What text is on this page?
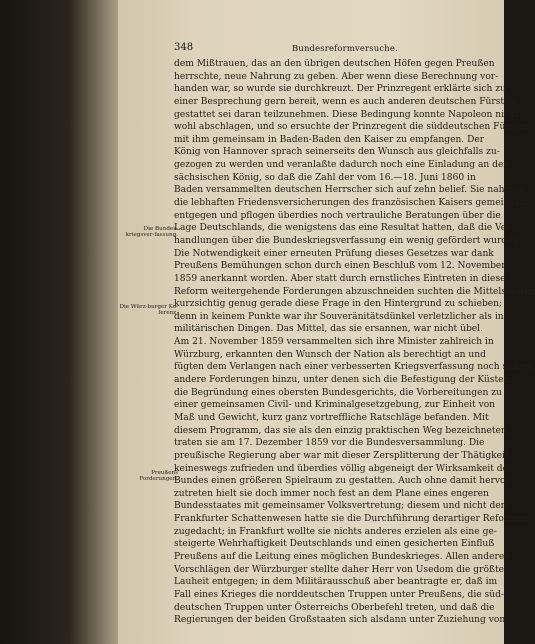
348	Bundesreformversuche.
Die Bundes-kriegsver-fassung.
Die Würz-burger Ko-ferenz.
Preußens Forderungen.
dem Mißtrauen, das an den übrigen deutschen Höfen gegen Preußen
herrschte, neue Nahrung zu geben. Aber wenn diese Berechnung vor-
handen war, so wurde sie durchkreuzt. Der Prinzregent erklärte sich zu
einer Besprechung gern bereit, wenn es auch anderen deutschen Fürsten
gestattet sei daran teilzunehmen. Diese Bedingung konnte Napoleon nicht
wohl abschlagen, und so ersuchte der Prinzregent die süddeutschen Fürsten
mit ihm gemeinsam in Baden-Baden den Kaiser zu empfangen. Der
König von Hannover sprach seinerseits den Wunsch aus gleichfalls zu-
gezogen zu werden und veranlaßte dadurch noch eine Einladung an den
sächsischen König, so daß die Zahl der vom 16.—18. Juni 1860 in
Baden versammelten deutschen Herrscher sich auf zehn belief. Sie nahmen
die lebhaften Friedensversicherungen des französischen Kaisers gemeinsam
entgegen und pflogen überdies noch vertrauliche Beratungen über die
Lage Deutschlands, die wenigstens das eine Resultat hatten, daß die Ver-
handlungen über die Bundeskriegsverfassung ein wenig gefördert wurden.
Die Notwendigkeit einer erneuten Prüfung dieses Gesetzes war dank
Preußens Bemühungen schon durch einen Beschluß vom 12. November
1859 anerkannt worden. Aber statt durch ernstliches Eintreten in diese
Reform weitergehende Forderungen abzuschneiden suchten die Mittelstaaten
kurzsichtig genug gerade diese Frage in den Hintergrund zu schieben;
denn in keinem Punkte war ihr Souveränitätsdünkel verletzlicher als in
militärischen Dingen. Das Mittel, das sie ersannen, war nicht übel.
Am 21. November 1859 versammelten sich ihre Minister zahlreich in
Würzburg, erkannten den Wunsch der Nation als berechtigt an und
fügten dem Verlangen nach einer verbesserten Kriegsverfassung noch sieben
andere Forderungen hinzu, unter denen sich die Befestigung der Küsten,
die Begründung eines obersten Bundesgerichts, die Vorbereitungen zu
einer gemeinsamen Civil- und Kriminalgesetzgebung, zur Einheit von
Maß und Gewicht, kurz ganz vortreffliche Ratschläge befanden. Mit
diesem Programm, das sie als den einzig praktischen Weg bezeichneten,
traten sie am 17. Dezember 1859 vor die Bundesversammlung. Die
preußische Regierung aber war mit dieser Zersplitterung der Thätigkeit
keineswegs zufrieden und überdies völlig abgeneigt der Wirksamkeit des
Bundes einen größeren Spielraum zu gestatten. Auch ohne damit hervor-
zutreten hielt sie doch immer noch fest an dem Plane eines engeren
Bundesstaates mit gemeinsamer Volksvertretung; diesem und nicht dem
Frankfurter Schattenwesen hatte sie die Durchführung derartiger Reformen
zugedacht; in Frankfurt wollte sie nichts anderes erzielen als eine ge-
steigerte Wehrhaftigkeit Deutschlands und einen gesicherten Einfluß
Preußens auf die Leitung eines möglichen Bundeskrieges. Allen anderen
Vorschlägen der Würzburger stellte daher Herr von Usedom die größte
Lauheit entgegen; in dem Militärausschuß aber beantragte er, daß im
Fall eines Krieges die norddeutschen Truppen unter Preußens, die süd-
deutschen Truppen unter Österreichs Oberbefehl treten, und daß die
Regierungen der beiden Großstaaten sich alsdann unter Zuziehung von
